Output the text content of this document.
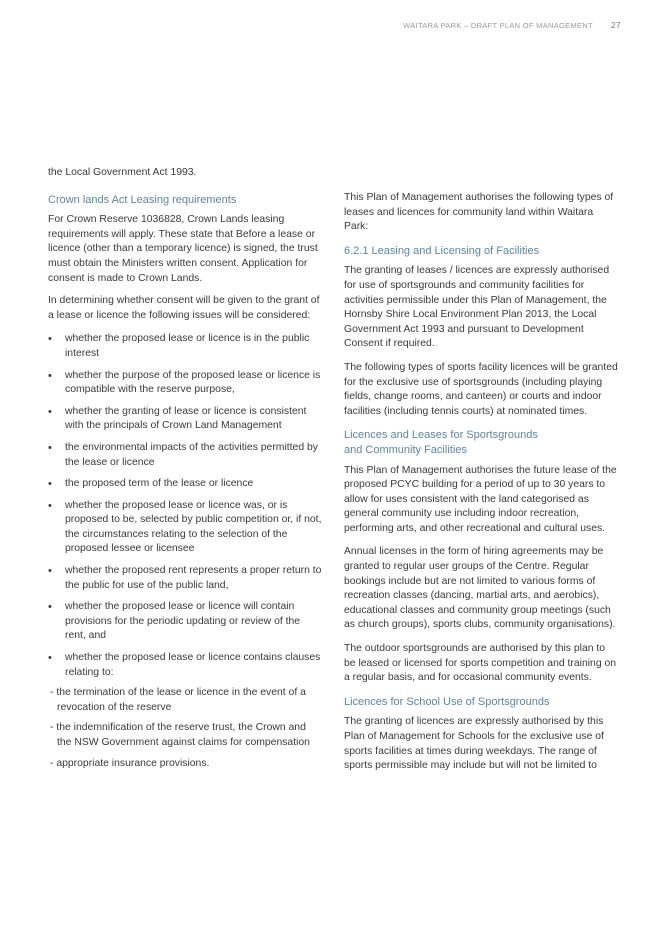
WAITARA PARK – DRAFT PLAN OF MANAGEMENT 27

the Local Government Act 1993.

Crown lands Act Leasing requirements

For Crown Reserve 1036828, Crown Lands leasing requirements will apply. These state that Before a lease or licence (other than a temporary licence) is signed, the trust must obtain the Ministers written consent. Application for consent is made to Crown Lands.

In determining whether consent will be given to the grant of a lease or licence the following issues will be considered:

• whether the proposed lease or licence is in the public interest
• whether the purpose of the proposed lease or licence is compatible with the reserve purpose,
• whether the granting of lease or licence is consistent with the principals of Crown Land Management
• the environmental impacts of the activities permitted by the lease or licence
• the proposed term of the lease or licence
• whether the proposed lease or licence was, or is proposed to be, selected by public competition or, if not, the circumstances relating to the selection of the proposed lessee or licensee
• whether the proposed rent represents a proper return to the public for use of the public land,
• whether the proposed lease or licence will contain provisions for the periodic updating or review of the rent, and
• whether the proposed lease or licence contains clauses relating to:
- the termination of the lease or licence in the event of a revocation of the reserve
- the indemnification of the reserve trust, the Crown and the NSW Government against claims for compensation
- appropriate insurance provisions.

This Plan of Management authorises the following types of leases and licences for community land within Waitara Park:

6.2.1 Leasing and Licensing of Facilities

The granting of leases / licences are expressly authorised for use of sportsgrounds and community facilities for activities permissible under this Plan of Management, the Hornsby Shire Local Environment Plan 2013, the Local Government Act 1993 and pursuant to Development Consent if required.

The following types of sports facility licences will be granted for the exclusive use of sportsgrounds (including playing fields, change rooms, and canteen) or courts and indoor facilities (including tennis courts) at nominated times.

Licences and Leases for Sportsgrounds
and Community Facilities

This Plan of Management authorises the future lease of the proposed PCYC building for a period of up to 30 years to allow for uses consistent with the land categorised as general community use including indoor recreation, performing arts, and other recreational and cultural uses.

Annual licenses in the form of hiring agreements may be granted to regular user groups of the Centre. Regular bookings include but are not limited to various forms of recreation classes (dancing, martial arts, and aerobics), educational classes and community group meetings (such as church groups), sports clubs, community organisations).

The outdoor sportsgrounds are authorised by this plan to be leased or licensed for sports competition and training on a regular basis, and for occasional community events.

Licences for School Use of Sportsgrounds

The granting of licences are expressly authorised by this Plan of Management for Schools for the exclusive use of sports facilities at times during weekdays. The range of sports permissible may include but will not be limited to
